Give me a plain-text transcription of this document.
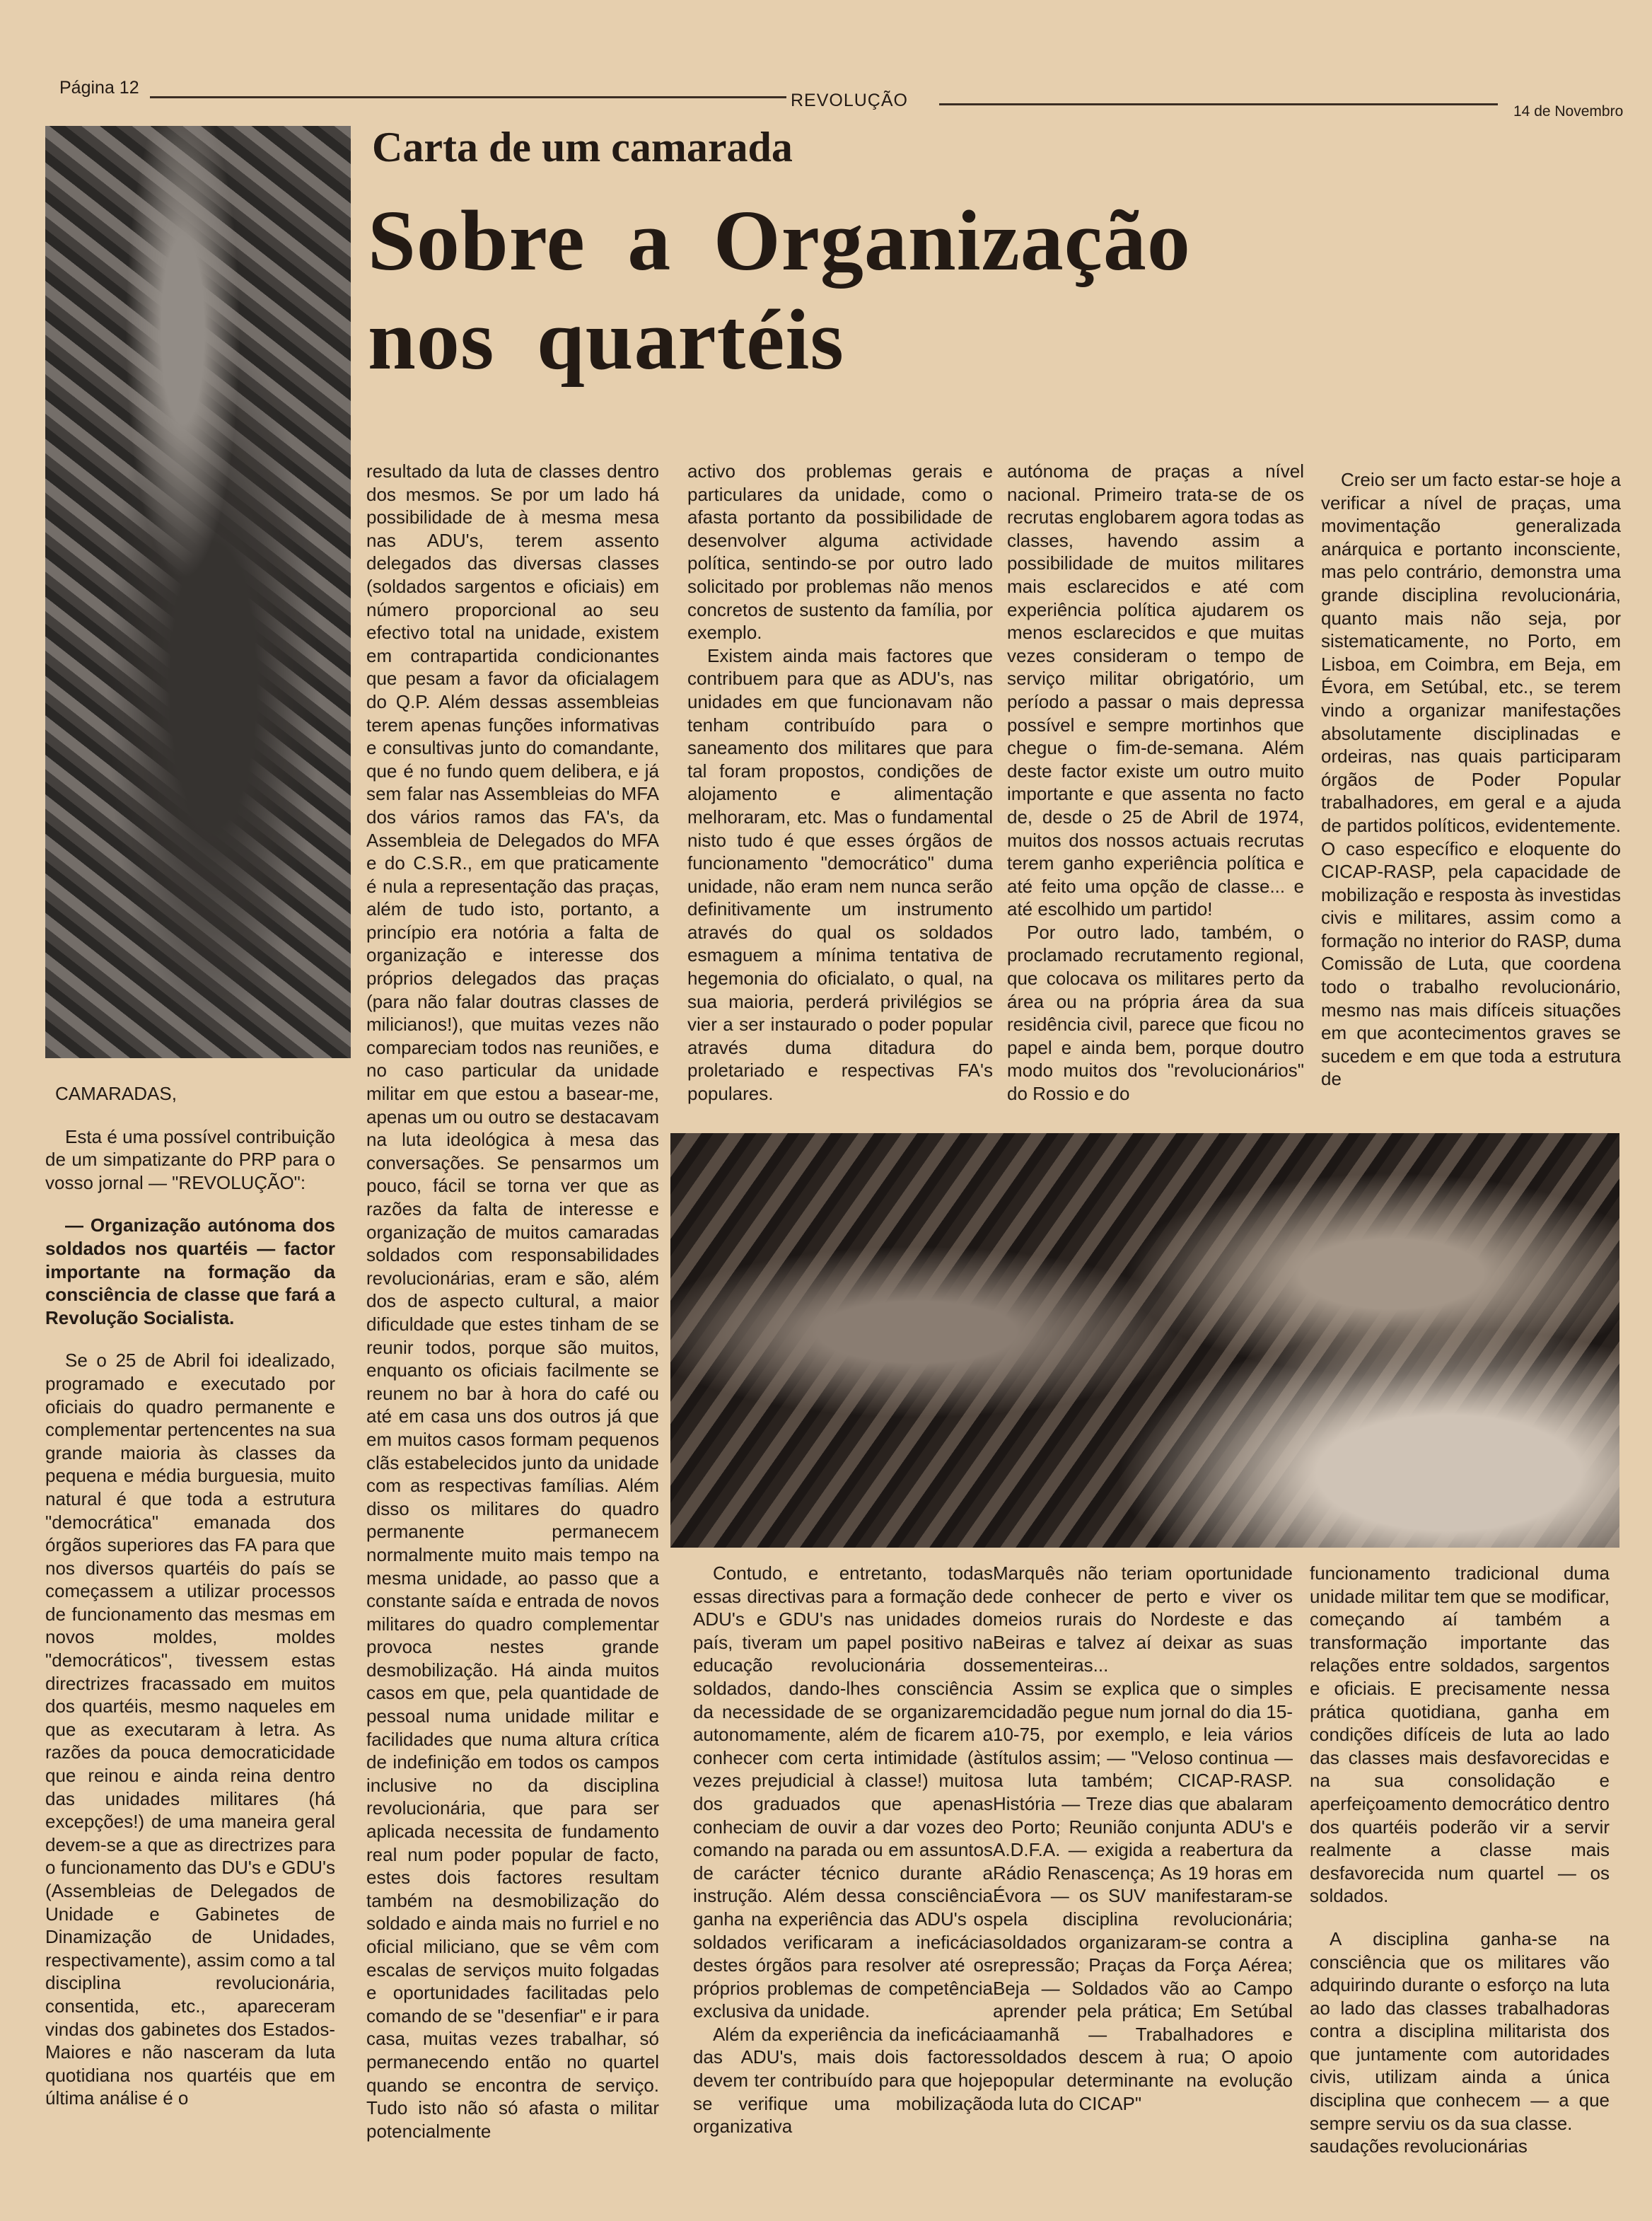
Página 12
REVOLUÇÃO
14 de Novembro
Carta de um camarada
Sobre a Organização
nos quartéis

CAMARADAS,

Esta é uma possível contribuição de um simpatizante do PRP para o vosso jornal — "REVOLUÇÃO":

— Organização autónoma dos soldados nos quartéis — factor importante na formação da consciência de classe que fará a Revolução Socialista.

Se o 25 de Abril foi idealizado, programado e executado por oficiais do quadro permanente e complementar pertencentes na sua grande maioria às classes da pequena e média burguesia, muito natural é que toda a estrutura "democrática" emanada dos órgãos superiores das FA para que nos diversos quartéis do país se começassem a utilizar processos de funcionamento das mesmas em novos moldes, moldes "democráticos", tivessem estas directrizes fracassado em muitos dos quartéis, mesmo naqueles em que as executaram à letra. As razões da pouca democraticidade que reinou e ainda reina dentro das unidades militares (há excepções!) de uma maneira geral devem-se a que as directrizes para o funcionamento das DU's e GDU's (Assembleias de Delegados de Unidade e Gabinetes de Dinamização de Unidades, respectivamente), assim como a tal disciplina revolucionária, consentida, etc., apareceram vindas dos gabinetes dos Estados-Maiores e não nasceram da luta quotidiana nos quartéis que em última análise é o

resultado da luta de classes dentro dos mesmos. Se por um lado há possibilidade de à mesma mesa nas ADU's, terem assento delegados das diversas classes (soldados sargentos e oficiais) em número proporcional ao seu efectivo total na unidade, existem em contrapartida condicionantes que pesam a favor da oficialagem do Q.P. Além dessas assembleias terem apenas funções informativas e consultivas junto do comandante, que é no fundo quem delibera, e já sem falar nas Assembleias do MFA dos vários ramos das FA's, da Assembleia de Delegados do MFA e do C.S.R., em que praticamente é nula a representação das praças, além de tudo isto, portanto, a princípio era notória a falta de organização e interesse dos próprios delegados das praças (para não falar doutras classes de milicianos!), que muitas vezes não compareciam todos nas reuniões, e no caso particular da unidade militar em que estou a basear-me, apenas um ou outro se destacavam na luta ideológica à mesa das conversações. Se pensarmos um pouco, fácil se torna ver que as razões da falta de interesse e organização de muitos camaradas soldados com responsabilidades revolucionárias, eram e são, além dos de aspecto cultural, a maior dificuldade que estes tinham de se reunir todos, porque são muitos, enquanto os oficiais facilmente se reunem no bar à hora do café ou até em casa uns dos outros já que em muitos casos formam pequenos clãs estabelecidos junto da unidade com as respectivas famílias. Além disso os militares do quadro permanente permanecem normalmente muito mais tempo na mesma unidade, ao passo que a constante saída e entrada de novos militares do quadro complementar provoca nestes grande desmobilização. Há ainda muitos casos em que, pela quantidade de pessoal numa unidade militar e facilidades que numa altura crítica de indefinição em todos os campos inclusive no da disciplina revolucionária, que para ser aplicada necessita de fundamento real num poder popular de facto, estes dois factores resultam também na desmobilização do soldado e ainda mais no furriel e no oficial miliciano, que se vêm com escalas de serviços muito folgadas e oportunidades facilitadas pelo comando de se "desenfiar" e ir para casa, muitas vezes trabalhar, só permanecendo então no quartel quando se encontra de serviço. Tudo isto não só afasta o militar potencialmente

activo dos problemas gerais e particulares da unidade, como o afasta portanto da possibilidade de desenvolver alguma actividade política, sentindo-se por outro lado solicitado por problemas não menos concretos de sustento da família, por exemplo.

Existem ainda mais factores que contribuem para que as ADU's, nas unidades em que funcionavam não tenham contribuído para o saneamento dos militares que para tal foram propostos, condições de alojamento e alimentação melhoraram, etc. Mas o fundamental nisto tudo é que esses órgãos de funcionamento "democrático" duma unidade, não eram nem nunca serão definitivamente um instrumento através do qual os soldados esmaguem a mínima tentativa de hegemonia do oficialato, o qual, na sua maioria, perderá privilégios se vier a ser instaurado o poder popular através duma ditadura do proletariado e respectivas FA's populares.

autónoma de praças a nível nacional. Primeiro trata-se de os recrutas englobarem agora todas as classes, havendo assim a possibilidade de muitos militares mais esclarecidos e até com experiência política ajudarem os menos esclarecidos e que muitas vezes consideram o tempo de serviço militar obrigatório, um período a passar o mais depressa possível e sempre mortinhos que chegue o fim-de-semana. Além deste factor existe um outro muito importante e que assenta no facto de, desde o 25 de Abril de 1974, muitos dos nossos actuais recrutas terem ganho experiência política e até feito uma opção de classe... e até escolhido um partido!

Por outro lado, também, o proclamado recrutamento regional, que colocava os militares perto da área ou na própria área da sua residência civil, parece que ficou no papel e ainda bem, porque doutro modo muitos dos "revolucionários" do Rossio e do

Creio ser um facto estar-se hoje a verificar a nível de praças, uma movimentação generalizada anárquica e portanto inconsciente, mas pelo contrário, demonstra uma grande disciplina revolucionária, quanto mais não seja, por sistematicamente, no Porto, em Lisboa, em Coimbra, em Beja, em Évora, em Setúbal, etc., se terem vindo a organizar manifestações absolutamente disciplinadas e ordeiras, nas quais participaram órgãos de Poder Popular trabalhadores, em geral e a ajuda de partidos políticos, evidentemente. O caso específico e eloquente do CICAP-RASP, pela capacidade de mobilização e resposta às investidas civis e militares, assim como a formação no interior do RASP, duma Comissão de Luta, que coordena todo o trabalho revolucionário, mesmo nas mais difíceis situações em que acontecimentos graves se sucedem e em que toda a estrutura de

Contudo, e entretanto, todas essas directivas para a formação de ADU's e GDU's nas unidades do país, tiveram um papel positivo na educação revolucionária dos soldados, dando-lhes consciência da necessidade de se organizarem autonomamente, além de ficarem a conhecer com certa intimidade (às vezes prejudicial à classe!) muitos dos graduados que apenas conheciam de ouvir a dar vozes de comando na parada ou em assuntos de carácter técnico durante a instrução. Além dessa consciência ganha na experiência das ADU's os soldados verificaram a ineficácia destes órgãos para resolver até os próprios problemas de competência exclusiva da unidade.

Além da experiência da ineficácia das ADU's, mais dois factores devem ter contribuído para que hoje se verifique uma mobilização organizativa

Marquês não teriam oportunidade de conhecer de perto e viver os meios rurais do Nordeste e das Beiras e talvez aí deixar as suas sementeiras...

Assim se explica que o simples cidadão pegue num jornal do dia 15-10-75, por exemplo, e leia vários títulos assim; — "Veloso continua — a luta também; CICAP-RASP. História — Treze dias que abalaram o Porto; Reunião conjunta ADU's e A.D.F.A. — exigida a reabertura da Rádio Renascença; As 19 horas em Évora — os SUV manifestaram-se pela disciplina revolucionária; soldados organizaram-se contra a repressão; Praças da Força Aérea; Beja — Soldados vão ao Campo aprender pela prática; Em Setúbal amanhã — Trabalhadores e soldados descem à rua; O apoio popular determinante na evolução da luta do CICAP"

funcionamento tradicional duma unidade militar tem que se modificar, começando aí também a transformação importante das relações entre soldados, sargentos e oficiais. E precisamente nessa prática quotidiana, ganha em condições difíceis de luta ao lado das classes mais desfavorecidas e na sua consolidação e aperfeiçoamento democrático dentro dos quartéis poderão vir a servir realmente a classe mais desfavorecida num quartel — os soldados.

A disciplina ganha-se na consciência que os militares vão adquirindo durante o esforço na luta ao lado das classes trabalhadoras contra a disciplina militarista dos que juntamente com autoridades civis, utilizam ainda a única disciplina que conhecem — a que sempre serviu os da sua classe.

saudações revolucionárias
